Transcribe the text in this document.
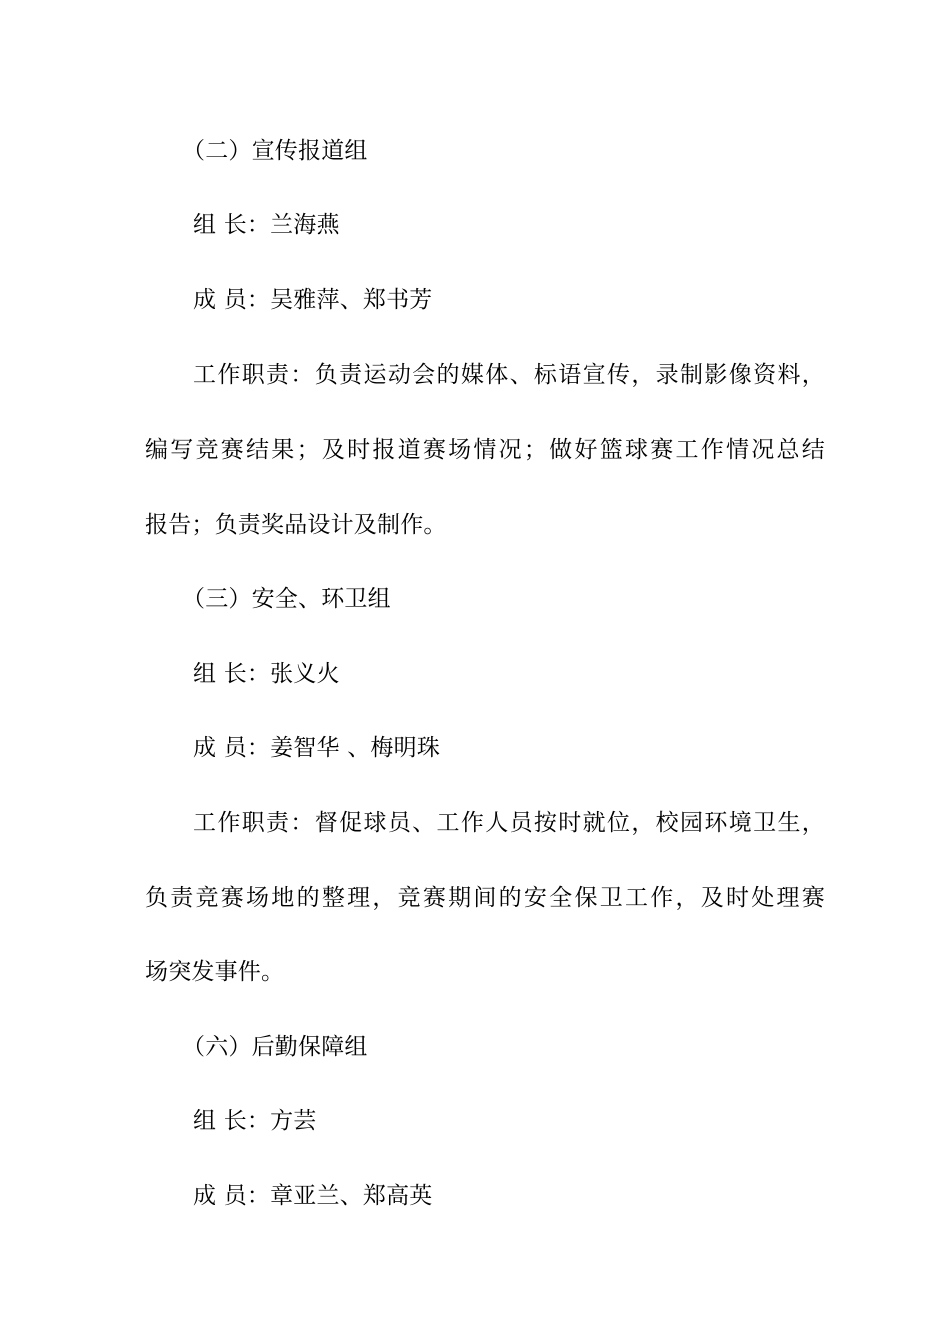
（二）宣传报道组
组 长：兰海燕
成 员：吴雅萍、郑书芳
工作职责：负责运动会的媒体、标语宣传，录制影像资料，
编写竞赛结果；及时报道赛场情况；做好篮球赛工作情况总结
报告；负责奖品设计及制作。
（三）安全、环卫组
组 长：张义火
成 员：姜智华 、梅明珠
工作职责：督促球员、工作人员按时就位，校园环境卫生，
负责竞赛场地的整理，竞赛期间的安全保卫工作，及时处理赛
场突发事件。
（六）后勤保障组
组 长：方芸
成 员：章亚兰、郑高英
